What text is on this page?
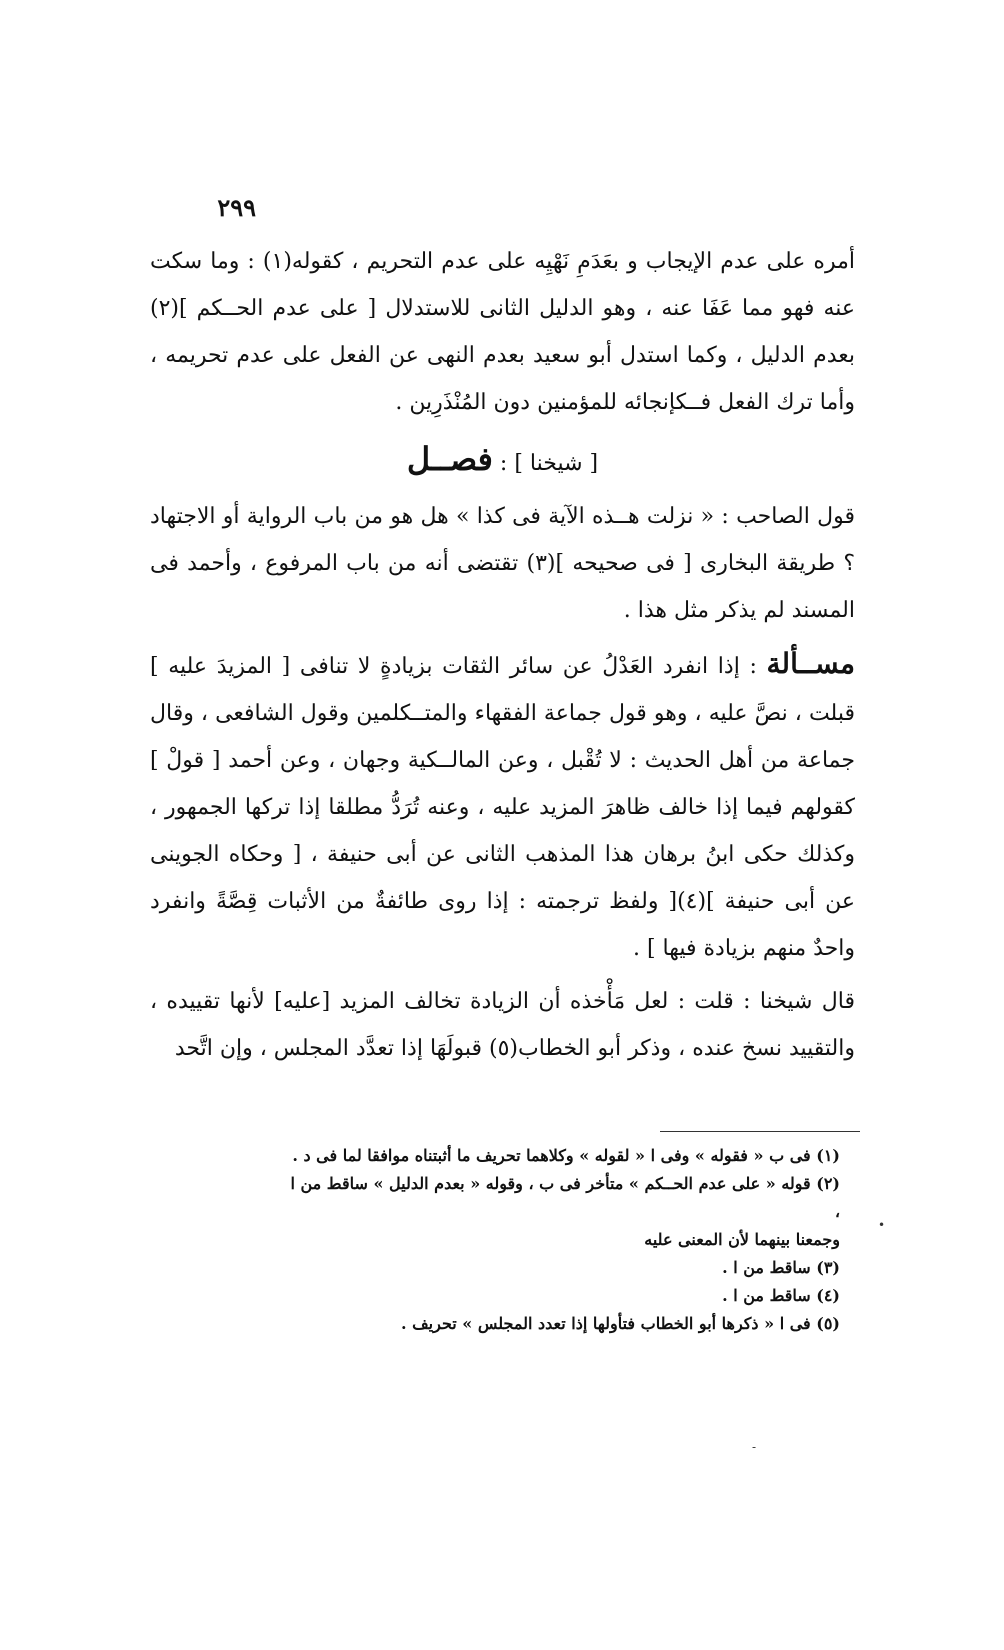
٢٩٩

أمره على عدم الإيجاب و بعَدَمِ نَهْيِه على عدم التحريم ، كقوله(١) : وما سكت عنه فهو مما عَفَا عنه ، وهو الدليل الثانى للاستدلال [ على عدم الحــكم ](٢) بعدم الدليل ، وكما استدل أبو سعيد بعدم النهى عن الفعل على عدم تحريمه ، وأما ترك الفعل فــكإنجائه للمؤمنين دون المُنْذَرِين .

[ شيخنا ] : فصــل

قول الصاحب : « نزلت هــذه الآية فى كذا » هل هو من باب الرواية أو الاجتهاد ؟ طريقة البخارى [ فى صحيحه ](٣) تقتضى أنه من باب المرفوع ، وأحمد فى المسند لم يذكر مثل هذا .

مســألة : إذا انفرد العَدْلُ عن سائر الثقات بزيادةٍ لا تنافى [ المزيدَ عليه ] قبلت ، نصَّ عليه ، وهو قول جماعة الفقهاء والمتــكلمين وقول الشافعى ، وقال جماعة من أهل الحديث : لا تُقْبل ، وعن المالــكية وجهان ، وعن أحمد [ قولْ ] كقولهم فيما إذا خالف ظاهرَ المزيد عليه ، وعنه تُرَدُّ مطلقا إذا تركها الجمهور ، وكذلك حكى ابنُ برهان هذا المذهب الثانى عن أبى حنيفة ، [ وحكاه الجوينى عن أبى حنيفة ](٤)[ ولفظ ترجمته : إذا روى طائفةٌ من الأثبات قِصَّةً وانفرد واحدٌ منهم بزيادة فيها ] .

قال شيخنا : قلت : لعل مَأْخذه أن الزيادة تخالف المزيد [عليه] لأنها تقييده ، والتقييد نسخ عنده ، وذكر أبو الخطاب(٥) قبولَهَا إذا تعدَّد المجلس ، وإن اتَّحد

(١) فى ب « فقوله » وفى ا « لقوله » وكلاهما تحريف ما أثبتناه موافقا لما فى د .

(٢) قوله « على عدم الحــكم » متأخر فى ب ، وقوله « بعدم الدليل » ساقط من ا ،

وجمعنا بينهما لأن المعنى عليه

(٣) ساقط من ا .

(٤) ساقط من ا .

(٥) فى ا « ذكرها أبو الخطاب فتأولها إذا تعدد المجلس » تحريف .

•
-
